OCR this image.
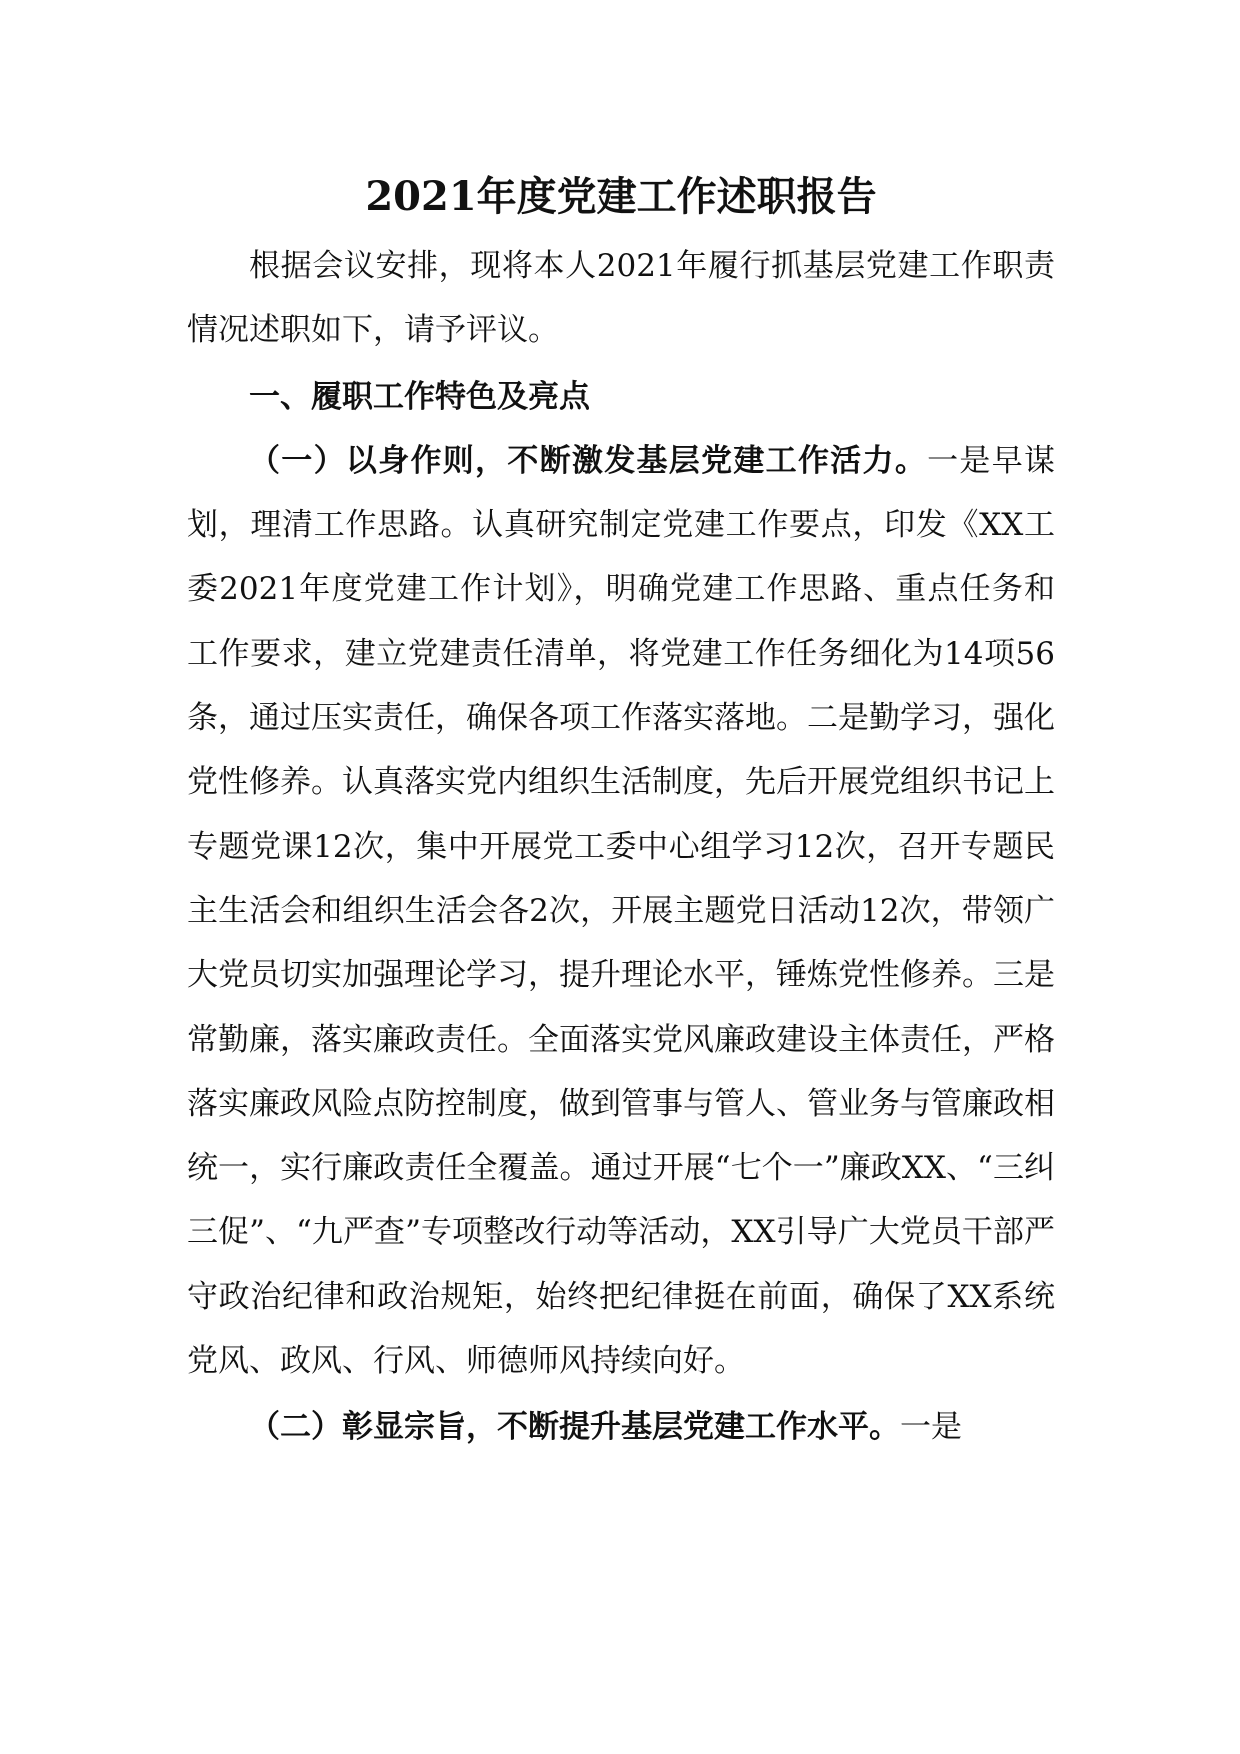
2021年度党建工作述职报告

根据会议安排，现将本人2021年履行抓基层党建工作职责情况述职如下，请予评议。

一、履职工作特色及亮点

（一）以身作则，不断激发基层党建工作活力。一是早谋划，理清工作思路。认真研究制定党建工作要点，印发《XX工委2021年度党建工作计划》，明确党建工作思路、重点任务和工作要求，建立党建责任清单，将党建工作任务细化为14项56条，通过压实责任，确保各项工作落实落地。二是勤学习，强化党性修养。认真落实党内组织生活制度，先后开展党组织书记上专题党课12次，集中开展党工委中心组学习12次，召开专题民主生活会和组织生活会各2次，开展主题党日活动12次，带领广大党员切实加强理论学习，提升理论水平，锤炼党性修养。三是常勤廉，落实廉政责任。全面落实党风廉政建设主体责任，严格落实廉政风险点防控制度，做到管事与管人、管业务与管廉政相统一，实行廉政责任全覆盖。通过开展“七个一”廉政XX、“三纠三促”、“九严查”专项整改行动等活动，XX引导广大党员干部严守政治纪律和政治规矩，始终把纪律挺在前面，确保了XX系统党风、政风、行风、师德师风持续向好。

（二）彰显宗旨，不断提升基层党建工作水平。一是
